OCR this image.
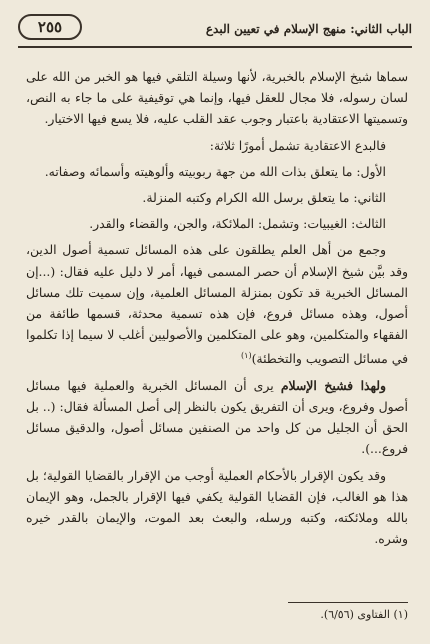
الباب الثاني: منهج الإسلام في تعيين البدع
٢٥٥

سماها شيخ الإسلام بالخبرية، لأنها وسيلة التلقي فيها هو الخبر من الله على لسان رسوله، فلا مجال للعقل فيها، وإنما هي توقيفية على ما جاء به النص، وتسميتها الاعتقادية باعتبار وجوب عقد القلب عليه، فلا يسع فيها الاختيار.

فالبدع الاعتقادية تشمل أمورًا ثلاثة:

الأول: ما يتعلق بذات الله من جهة ربوبيته وألوهيته وأسمائه وصفاته.

الثاني: ما يتعلق برسل الله الكرام وكتبه المنزلة.

الثالث: الغيبيات: وتشمل: الملائكة، والجن، والقضاء والقدر.

وجمع من أهل العلم يطلقون على هذه المسائل تسمية أصول الدين، وقد بيَّن شيخ الإسلام أن حصر المسمى فيها، أمر لا دليل عليه فقال: (...إن المسائل الخبرية قد تكون بمنزلة المسائل العلمية، وإن سميت تلك مسائل أصول، وهذه مسائل فروع، فإن هذه تسمية محدثة، قسمها طائفة من الفقهاء والمتكلمين، وهو على المتكلمين والأصوليين أغلب لا سيما إذا تكلموا في مسائل التصويب والتخطئة)$^{(١)}$

ولهذا فشيخ الإسلام يرى أن المسائل الخبرية والعملية فيها مسائل أصول وفروع، ويرى أن التفريق يكون بالنظر إلى أصل المسألة فقال: (.. بل الحق أن الجليل من كل واحد من الصنفين مسائل أصول، والدقيق مسائل فروع...).

وقد يكون الإقرار بالأحكام العملية أوجب من الإقرار بالقضايا القولية؛ بل هذا هو الغالب، فإن القضايا القولية يكفي فيها الإقرار بالجمل، وهو الإيمان بالله وملائكته، وكتبه ورسله، والبعث بعد الموت، والإيمان بالقدر خيره وشره.

(١) الفتاوى (٦/٥٦).
